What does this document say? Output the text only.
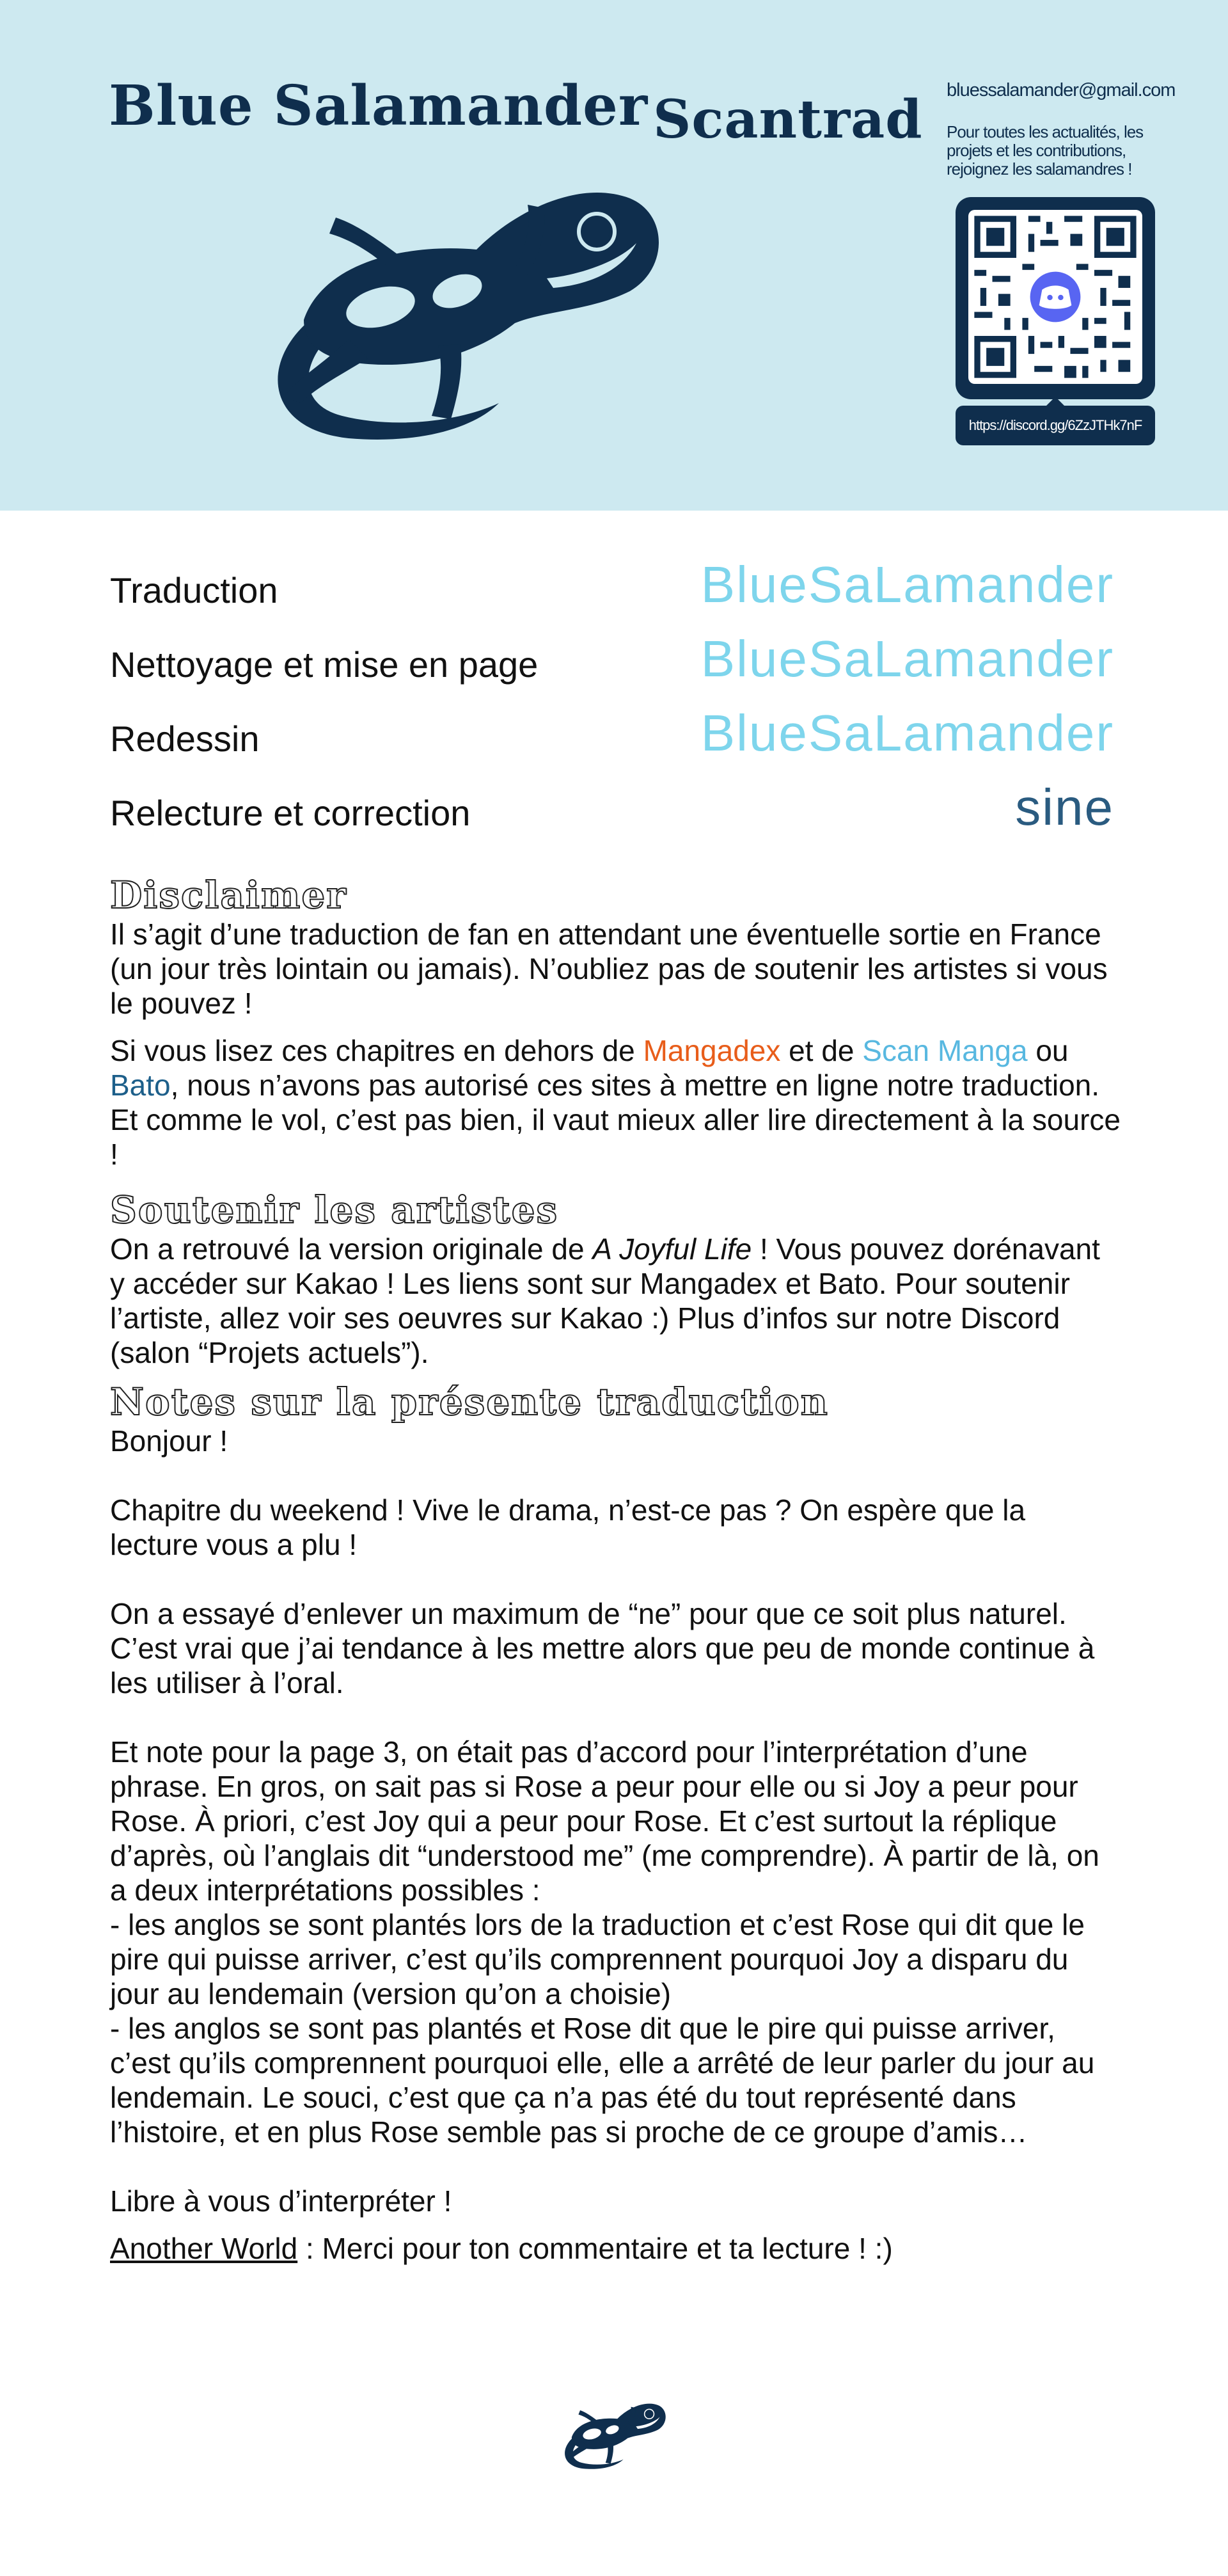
Blue SalamanderScantrad bluessalamander@gmail.com
Pour toutes les actualités, les projets et les contributions, rejoignez les salamandres !
https://discord.gg/6ZzJTHk7nF
Traduction	BlueSaLamander
Nettoyage et mise en page	BlueSaLamander
Redessin	BlueSaLamander
Relecture et correction	sine
Disclaimer

Il s’agit d’une traduction de fan en attendant une éventuelle sortie en France (un jour très lointain ou jamais). N’oubliez pas de soutenir les artistes si vous le pouvez !

Si vous lisez ces chapitres en dehors de Mangadex et de Scan Manga ou Bato, nous n’avons pas autorisé ces sites à mettre en ligne notre traduction. Et comme le vol, c’est pas bien, il vaut mieux aller lire directement à la source !

Soutenir les artistes

On a retrouvé la version originale de A Joyful Life ! Vous pouvez dorénavant y accéder sur Kakao ! Les liens sont sur Mangadex et Bato. Pour soutenir l’artiste, allez voir ses oeuvres sur Kakao :) Plus d’infos sur notre Discord (salon “Projets actuels”).

Notes sur la présente traduction

Bonjour !

Chapitre du weekend ! Vive le drama, n’est-ce pas ? On espère que la lecture vous a plu !

On a essayé d’enlever un maximum de “ne” pour que ce soit plus naturel. C’est vrai que j’ai tendance à les mettre alors que peu de monde continue à les utiliser à l’oral.

Et note pour la page 3, on était pas d’accord pour l’interprétation d’une phrase. En gros, on sait pas si Rose a peur pour elle ou si Joy a peur pour Rose. À priori, c’est Joy qui a peur pour Rose. Et c’est surtout la réplique d’après, où l’anglais dit “understood me” (me comprendre). À partir de là, on a deux interprétations possibles :

- les anglos se sont plantés lors de la traduction et c’est Rose qui dit que le pire qui puisse arriver, c’est qu’ils comprennent pourquoi Joy a disparu du jour au lendemain (version qu’on a choisie)

- les anglos se sont pas plantés et Rose dit que le pire qui puisse arriver, c’est qu’ils comprennent pourquoi elle, elle a arrêté de leur parler du jour au lendemain. Le souci, c’est que ça n’a pas été du tout représenté dans l’histoire, et en plus Rose semble pas si proche de ce groupe d’amis…

Libre à vous d’interpréter !

Another World : Merci pour ton commentaire et ta lecture ! :)
